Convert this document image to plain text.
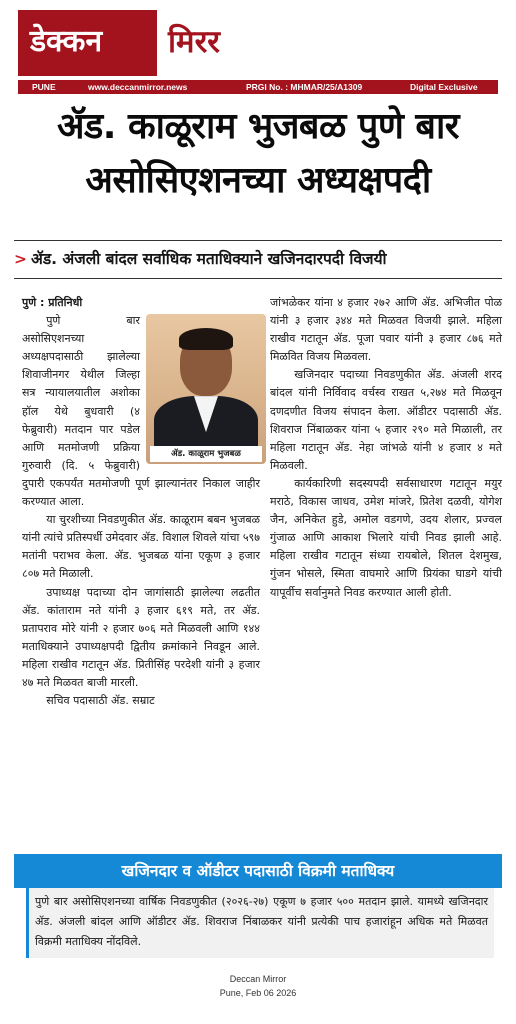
डेक्कन मिरर
PUNE	www.deccanmirror.news	PRGI No. : MHMAR/25/A1309	Digital Exclusive
ॲड. काळूराम भुजबळ पुणे बार
असोसिएशनच्या अध्यक्षपदी
> ॲड. अंजली बांदल सर्वाधिक मताधिक्याने खजिनदारपदी विजयी

पुणे : प्रतिनिधी

ॲड. काळूराम भुजबळ

पुणे बार असोसिएशनच्या अध्यक्षपदासाठी झालेल्या शिवाजीनगर येथील जिल्हा सत्र न्यायालयातील अशोका हॉल येथे बुधवारी (४ फेब्रुवारी) मतदान पार पडेल आणि मतमोजणी प्रक्रिया गुरुवारी (दि. ५ फेब्रुवारी) दुपारी एकपर्यंत मतमोजणी पूर्ण झाल्यानंतर निकाल जाहीर करण्यात आला.

या चुरशीच्या निवडणुकीत ॲड. काळूराम बबन भुजबळ यांनी त्यांचे प्रतिस्पर्धी उमेदवार ॲड. विशाल शिवले यांचा ५९७ मतांनी पराभव केला. ॲड. भुजबळ यांना एकूण ३ हजार ८०७ मते मिळाली.

उपाध्यक्ष पदाच्या दोन जागांसाठी झालेल्या लढतीत ॲड. कांताराम नते यांनी ३ हजार ६१९ मते, तर ॲड. प्रतापराव मोरे यांनी २ हजार ७०६ मते मिळवली आणि १४४ मताधिक्याने उपाध्यक्षपदी द्वितीय क्रमांकाने निवडून आले. महिला राखीव गटातून ॲड. प्रितीसिंह परदेशी यांनी ३ हजार ४७ मते मिळवत बाजी मारली.

सचिव पदासाठी ॲड. सम्राट

जांभळेकर यांना ४ हजार २७२ आणि ॲड. अभिजीत पोळ यांनी ३ हजार ३४४ मते मिळवत विजयी झाले. महिला राखीव गटातून ॲड. पूजा पवार यांनी ३ हजार ८७६ मते मिळवित विजय मिळवला.

खजिनदार पदाच्या निवडणुकीत ॲड. अंजली शरद बांदल यांनी निर्विवाद वर्चस्व राखत ५,२७४ मते मिळवून दणदणीत विजय संपादन केला. ऑडीटर पदासाठी ॲड. शिवराज निंबाळकर यांना ५ हजार २९० मते मिळाली, तर महिला गटातून ॲड. नेहा जांभळे यांनी ४ हजार ४ मते मिळवली.

कार्यकारिणी सदस्यपदी सर्वसाधारण गटातून मयुर मराठे, विकास जाधव, उमेश मांजरे, प्रितेश दळवी, योगेश जैन, अनिकेत हुडे, अमोल वडगणे, उदय शेलार, प्रज्वल गुंजाळ आणि आकाश भिलारे यांची निवड झाली आहे. महिला राखीव गटातून संध्या रायबोले, शितल देशमुख, गुंजन भोसले, स्मिता वाघमारे आणि प्रियंका घाडगे यांची यापूर्वीच सर्वानुमते निवड करण्यात आली होती.

खजिनदार व ऑडीटर पदासाठी विक्रमी मताधिक्य
पुणे बार असोसिएशनच्या वार्षिक निवडणुकीत (२०२६-२७) एकूण ७ हजार ५०० मतदान झाले. यामध्ये खजिनदार ॲड. अंजली बांदल आणि ऑडीटर ॲड. शिवराज निंबाळकर यांनी प्रत्येकी पाच हजारांहून अधिक मते मिळवत विक्रमी मताधिक्य नोंदविले.
Deccan Mirror
Pune, Feb 06 2026
